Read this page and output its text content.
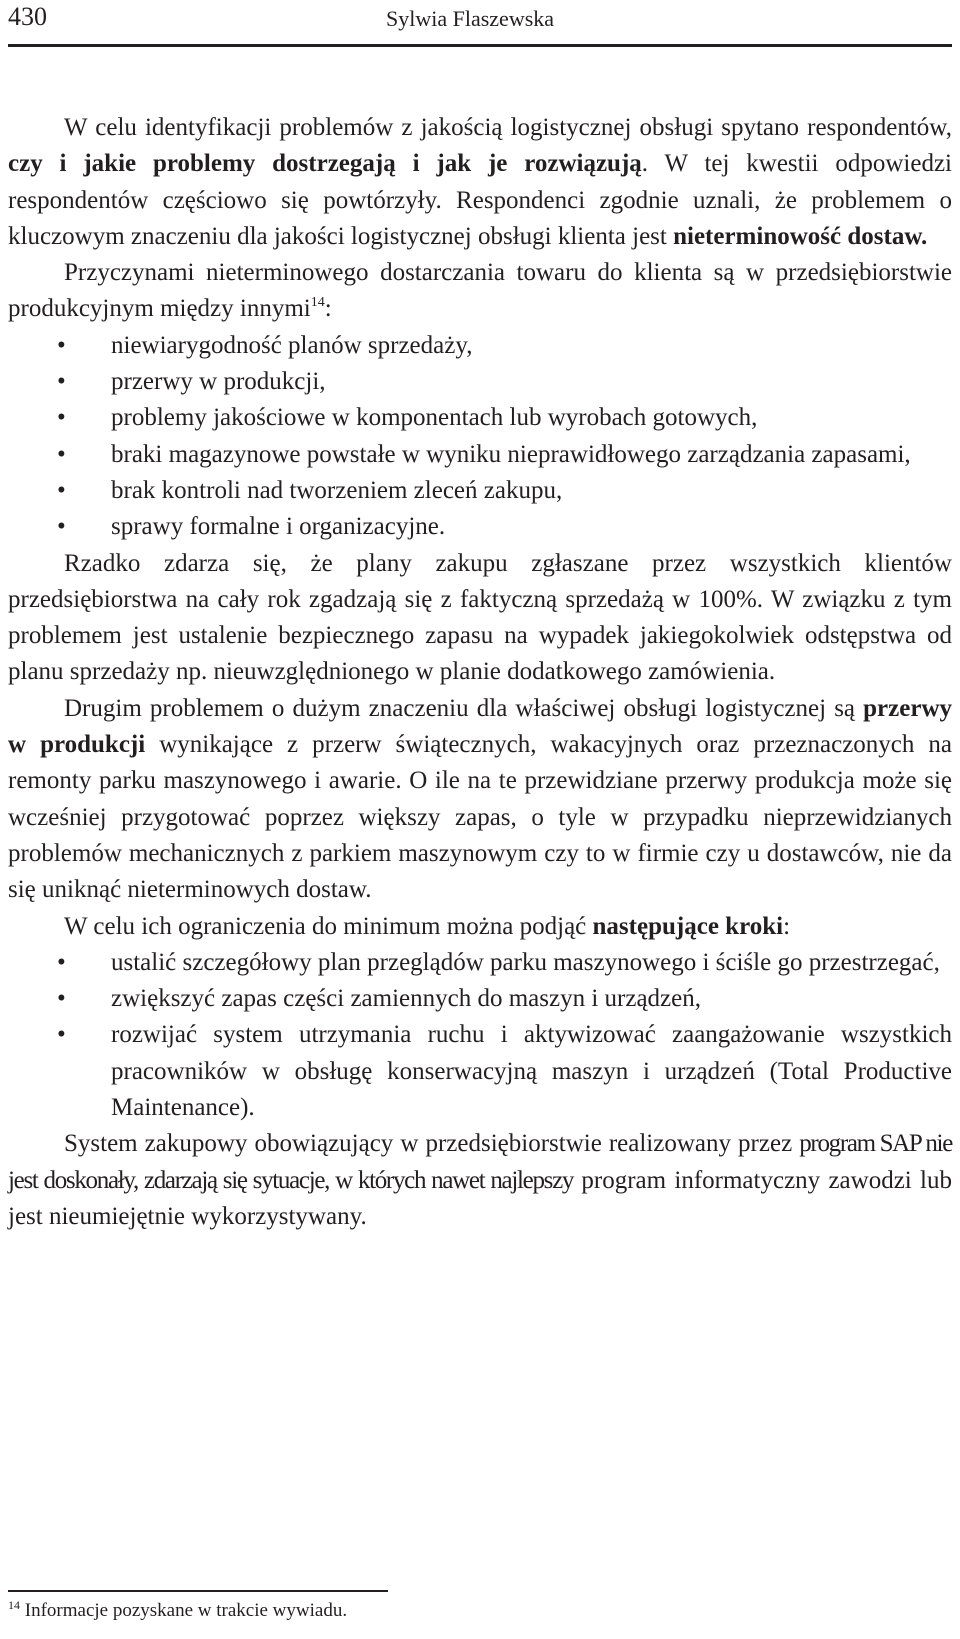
430	Sylwia Flaszewska

W celu identyfikacji problemów z jakością logistycznej obsługi spytano respondentów, czy i jakie problemy dostrzegają i jak je rozwiązują. W tej kwestii odpowiedzi respondentów częściowo się powtórzyły. Respondenci zgodnie uznali, że problemem o kluczowym znaczeniu dla jakości logistycznej obsługi klienta jest nieterminowość dostaw.

Przyczynami nieterminowego dostarczania towaru do klienta są w przedsiębiorstwie produkcyjnym między innymi$^{14}$:

• niewiarygodność planów sprzedaży,
• przerwy w produkcji,
• problemy jakościowe w komponentach lub wyrobach gotowych,
• braki magazynowe powstałe w wyniku nieprawidłowego zarządzania zapasami,
• brak kontroli nad tworzeniem zleceń zakupu,
• sprawy formalne i organizacyjne.

Rzadko zdarza się, że plany zakupu zgłaszane przez wszystkich klientów przedsiębiorstwa na cały rok zgadzają się z faktyczną sprzedażą w 100%. W związku z tym problemem jest ustalenie bezpiecznego zapasu na wypadek jakiegokolwiek odstępstwa od planu sprzedaży np. nieuwzględnionego w planie dodatkowego zamówienia.

Drugim problemem o dużym znaczeniu dla właściwej obsługi logistycznej są przerwy w produkcji wynikające z przerw świątecznych, wakacyjnych oraz przeznaczonych na remonty parku maszynowego i awarie. O ile na te przewidziane przerwy produkcja może się wcześniej przygotować poprzez większy zapas, o tyle w przypadku nieprzewidzianych problemów mechanicznych z parkiem maszynowym czy to w firmie czy u dostawców, nie da się uniknąć nieterminowych dostaw.

W celu ich ograniczenia do minimum można podjąć następujące kroki:

• ustalić szczegółowy plan przeglądów parku maszynowego i ściśle go przestrzegać,
• zwiększyć zapas części zamiennych do maszyn i urządzeń,
• rozwijać system utrzymania ruchu i aktywizować zaangażowanie wszystkich pracowników w obsługę konserwacyjną maszyn i urządzeń (Total Productive Maintenance).

System zakupowy obowiązujący w przedsiębiorstwie realizowany przez program SAP nie jest doskonały, zdarzają się sytuacje, w których nawet najlepszy program informatyczny zawodzi lub jest nieumiejętnie wykorzystywany.

$^{14}$ Informacje pozyskane w trakcie wywiadu.
